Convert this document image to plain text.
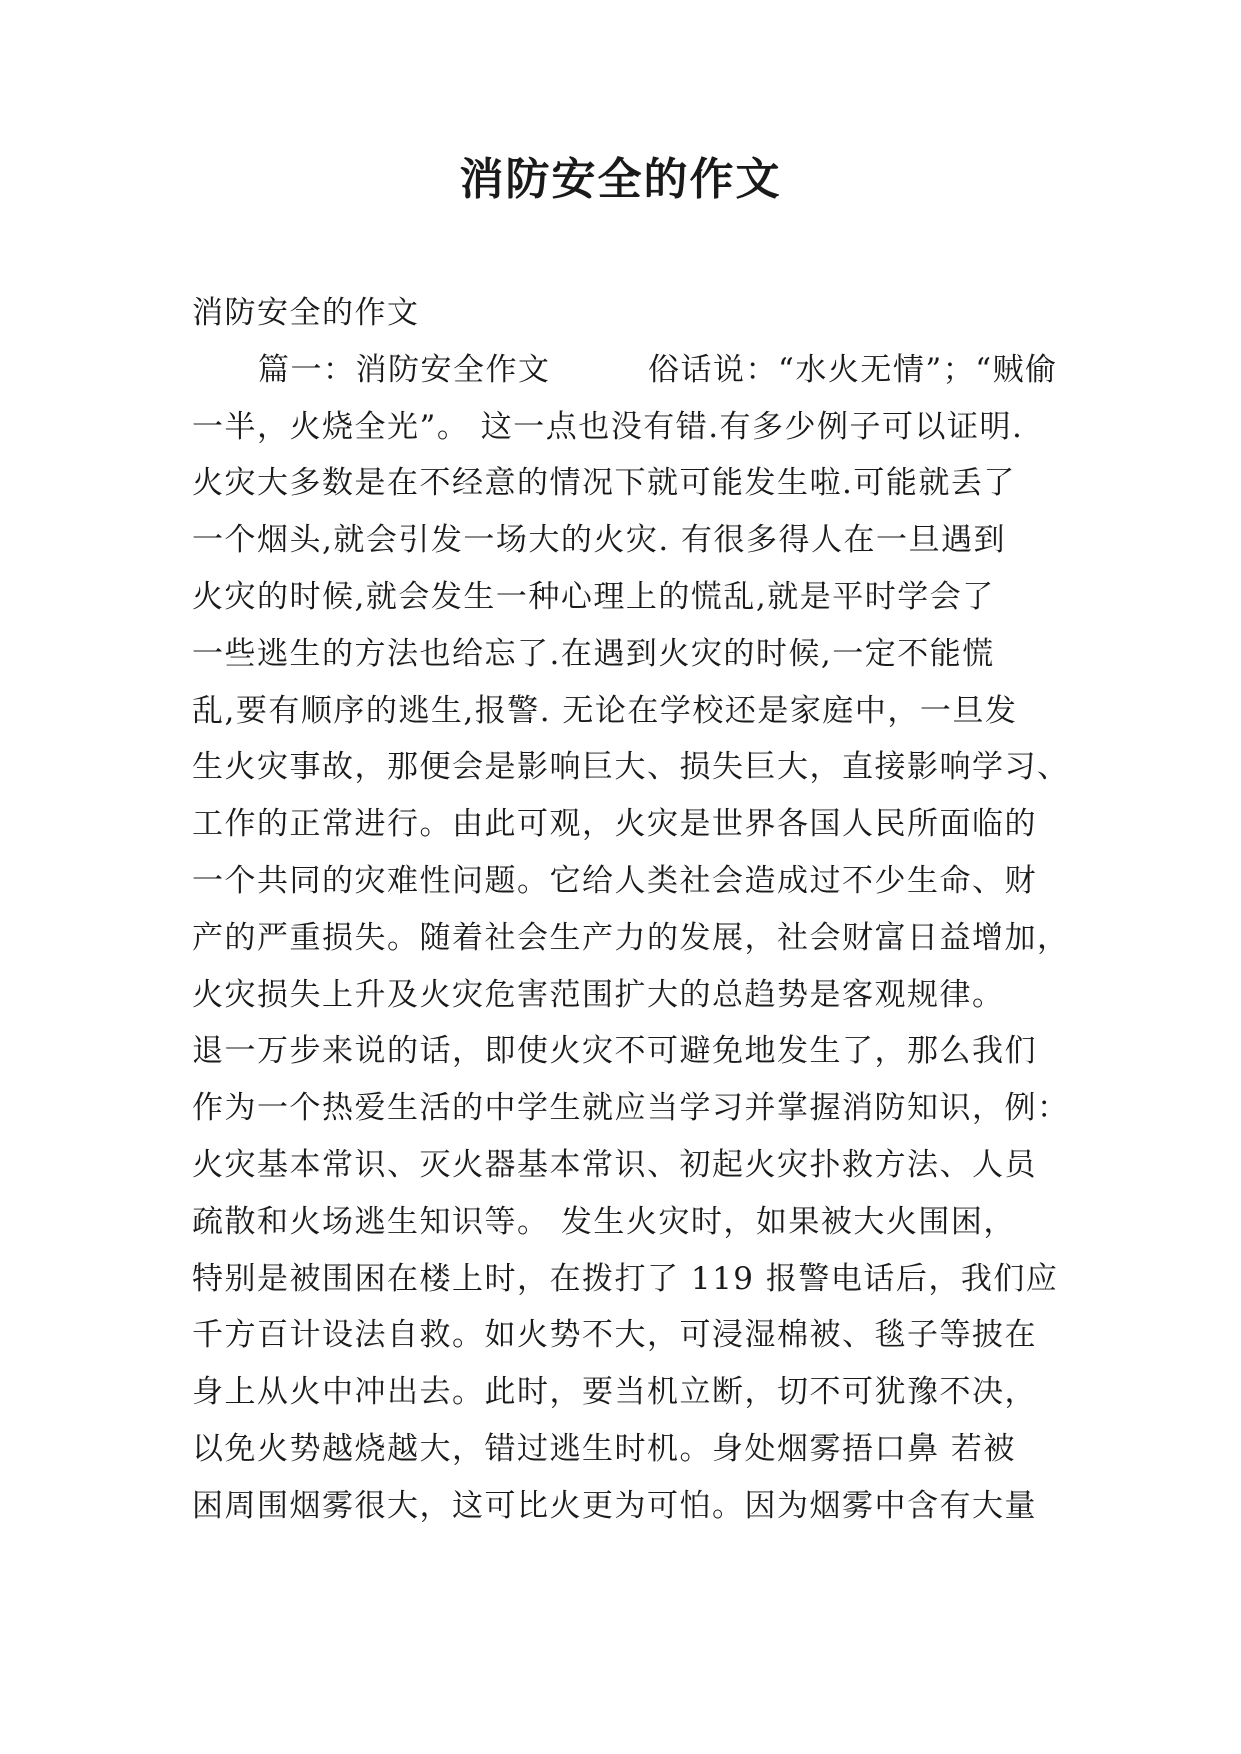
消防安全的作文
消防安全的作文
篇一：消防安全作文　　　俗话说：“水火无情”；“贼偷
一半，火烧全光”。 这一点也没有错.有多少例子可以证明.
火灾大多数是在不经意的情况下就可能发生啦.可能就丢了
一个烟头,就会引发一场大的火灾. 有很多得人在一旦遇到
火灾的时候,就会发生一种心理上的慌乱,就是平时学会了
一些逃生的方法也给忘了.在遇到火灾的时候,一定不能慌
乱,要有顺序的逃生,报警. 无论在学校还是家庭中，一旦发
生火灾事故，那便会是影响巨大、损失巨大，直接影响学习、
工作的正常进行。由此可观，火灾是世界各国人民所面临的
一个共同的灾难性问题。它给人类社会造成过不少生命、财
产的严重损失。随着社会生产力的发展，社会财富日益增加，
火灾损失上升及火灾危害范围扩大的总趋势是客观规律。
退一万步来说的话，即使火灾不可避免地发生了，那么我们
作为一个热爱生活的中学生就应当学习并掌握消防知识，例：
火灾基本常识、灭火器基本常识、初起火灾扑救方法、人员
疏散和火场逃生知识等。 发生火灾时，如果被大火围困，
特别是被围困在楼上时，在拨打了 119 报警电话后，我们应
千方百计设法自救。如火势不大，可浸湿棉被、毯子等披在
身上从火中冲出去。此时，要当机立断，切不可犹豫不决，
以免火势越烧越大，错过逃生时机。身处烟雾捂口鼻 若被
困周围烟雾很大，这可比火更为可怕。因为烟雾中含有大量
